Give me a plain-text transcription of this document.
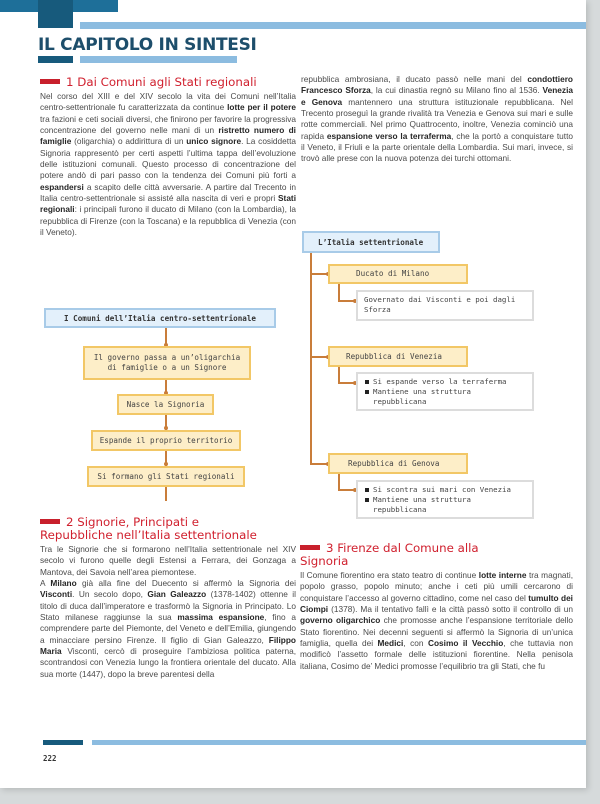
IL CAPITOLO IN SINTESI
1 Dai Comuni agli Stati regionali

Nel corso del XIII e del XIV secolo la vita dei Comuni nell’Italia centro-settentrionale fu caratterizzata da continue lotte per il potere tra fazioni e ceti sociali diversi, che finirono per favorire la progressiva concentrazione del governo nelle mani di un ristretto numero di famiglie (oligarchia) o addirittura di un unico signore. La cosiddetta Signoria rappresentò per certi aspetti l’ultima tappa dell’evoluzione delle istituzioni comunali. Questo processo di concentrazione del potere andò di pari passo con la tendenza dei Comuni più forti a espandersi a scapito delle città avversarie. A partire dal Trecento in Italia centro-settentrionale si assisté alla nascita di veri e propri Stati regionali: i principali furono il ducato di Milano (con la Lombardia), la repubblica di Firenze (con la Toscana) e la repubblica di Venezia (con il Veneto).

repubblica ambrosiana, il ducato passò nelle mani del condottiero Francesco Sforza, la cui dinastia regnò su Milano fino al 1536. Venezia e Genova mantennero una struttura istituzionale repubblicana. Nel Trecento proseguì la grande rivalità tra Venezia e Genova sui mari e sulle rotte commerciali. Nel primo Quattrocento, inoltre, Venezia cominciò una rapida espansione verso la terraferma, che la portò a conquistare tutto il Veneto, il Friuli e la parte orientale della Lombardia. Sui mari, invece, si trovò alle prese con la nuova potenza dei turchi ottomani.

I Comuni dell’Italia centro-settentrionale
Il governo passa a un’oligarchia di famiglie o a un Signore
Nasce la Signoria
Espande il proprio territorio
Si formano gli Stati regionali
L’Italia settentrionale
Ducato di Milano
Governato dai Visconti e poi dagli Sforza
Repubblica di Venezia
Si espande verso la terraferma
Mantiene una struttura repubblicana
Repubblica di Genova
Si scontra sui mari con Venezia
Mantiene una struttura repubblicana
2 Signorie, Principati e
Repubbliche nell’Italia settentrionale

Tra le Signorie che si formarono nell’Italia settentrionale nel XIV secolo vi furono quelle degli Estensi a Ferrara, dei Gonzaga a Mantova, dei Savoia nell’area piemontese.

A Milano già alla fine del Duecento si affermò la Signoria dei Visconti. Un secolo dopo, Gian Galeazzo (1378-1402) ottenne il titolo di duca dall’imperatore e trasformò la Signoria in Principato. Lo Stato milanese raggiunse la sua massima espansione, fino a comprendere parte del Piemonte, del Veneto e dell’Emilia, giungendo a minacciare persino Firenze. Il figlio di Gian Galeazzo, Filippo Maria Visconti, cercò di proseguire l’ambiziosa politica paterna, scontrandosi con Venezia lungo la frontiera orientale del ducato. Alla sua morte (1447), dopo la breve parentesi della

3 Firenze dal Comune alla
Signoria

Il Comune fiorentino era stato teatro di continue lotte interne tra magnati, popolo grasso, popolo minuto; anche i ceti più umili cercarono di conquistare l’accesso al governo cittadino, come nel caso del tumulto dei Ciompi (1378). Ma il tentativo fallì e la città passò sotto il controllo di un governo oligarchico che promosse anche l’espansione territoriale dello Stato fiorentino. Nei decenni seguenti si affermò la Signoria di un’unica famiglia, quella dei Medici, con Cosimo il Vecchio, che tuttavia non modificò l’assetto formale delle istituzioni fiorentine. Nella penisola italiana, Cosimo de’ Medici promosse l’equilibrio tra gli Stati, che fu

222
